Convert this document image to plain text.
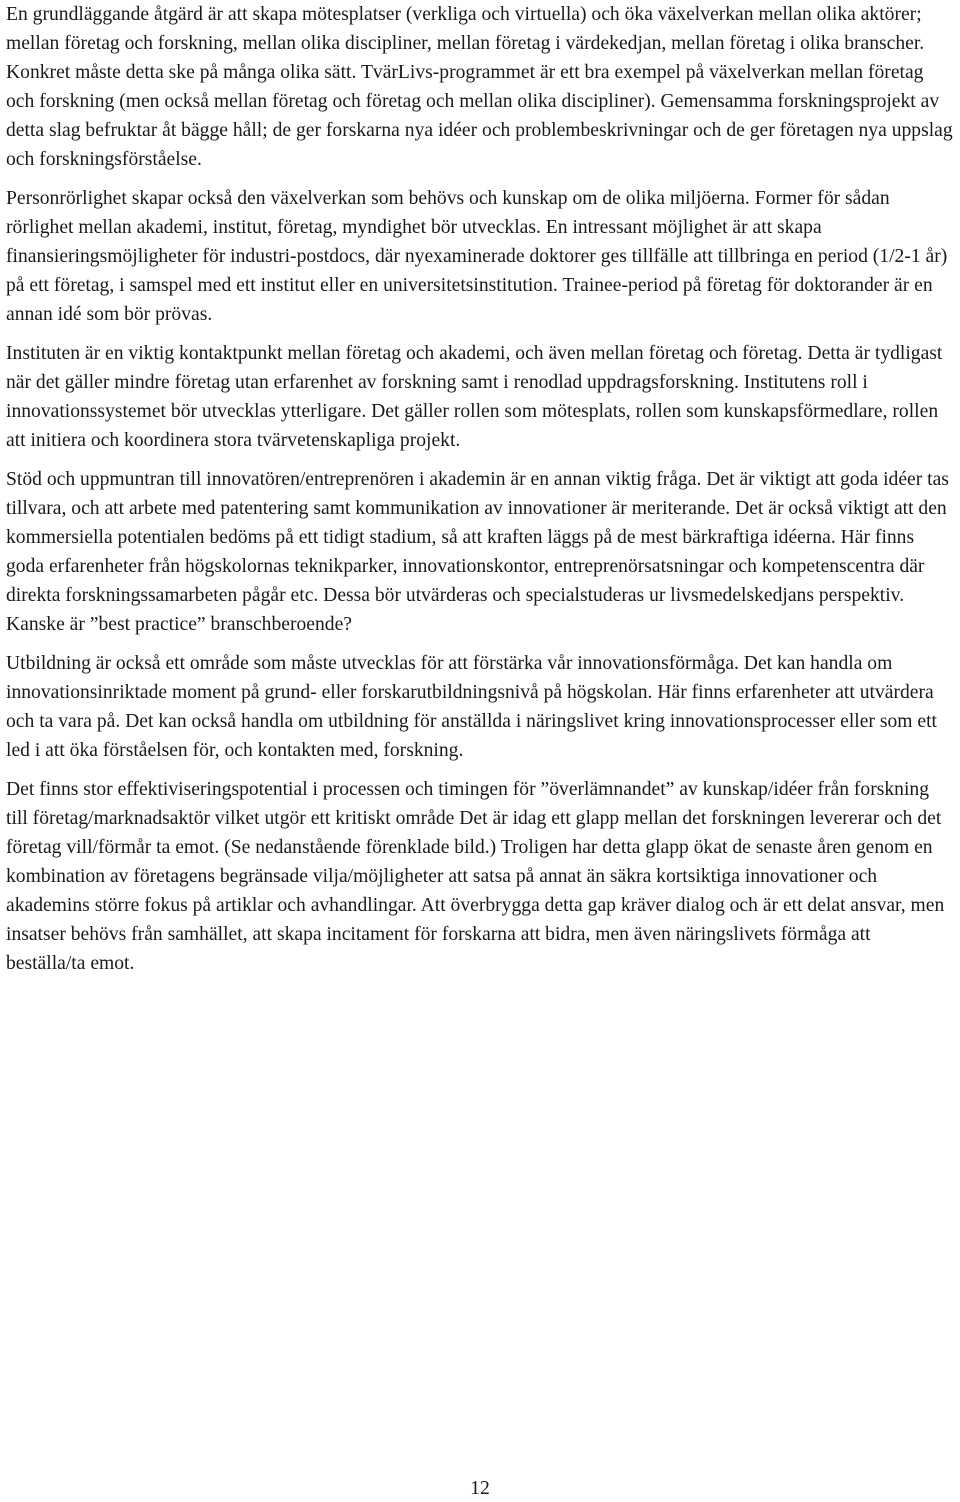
En grundläggande åtgärd är att skapa mötesplatser (verkliga och virtuella) och öka växelverkan mellan olika aktörer; mellan företag och forskning, mellan olika discipliner, mellan företag i värdekedjan, mellan företag i olika branscher. Konkret måste detta ske på många olika sätt. TvärLivs-programmet är ett bra exempel på växelverkan mellan företag och forskning (men också mellan företag och företag och mellan olika discipliner). Gemensamma forskningsprojekt av detta slag befruktar åt bägge håll; de ger forskarna nya idéer och problembeskrivningar och de ger företagen nya uppslag och forskningsförståelse.

Personrörlighet skapar också den växelverkan som behövs och kunskap om de olika miljöerna. Former för sådan rörlighet mellan akademi, institut, företag, myndighet bör utvecklas. En intressant möjlighet är att skapa finansieringsmöjligheter för industri-postdocs, där nyexaminerade doktorer ges tillfälle att tillbringa en period (1/2-1 år) på ett företag, i samspel med ett institut eller en universitetsinstitution. Trainee-period på företag för doktorander är en annan idé som bör prövas.

Instituten är en viktig kontaktpunkt mellan företag och akademi, och även mellan företag och företag. Detta är tydligast när det gäller mindre företag utan erfarenhet av forskning samt i renodlad uppdragsforskning. Institutens roll i innovationssystemet bör utvecklas ytterligare. Det gäller rollen som mötesplats, rollen som kunskapsförmedlare, rollen att initiera och koordinera stora tvärvetenskapliga projekt.

Stöd och uppmuntran till innovatören/entreprenören i akademin är en annan viktig fråga. Det är viktigt att goda idéer tas tillvara, och att arbete med patentering samt kommunikation av innovationer är meriterande. Det är också viktigt att den kommersiella potentialen bedöms på ett tidigt stadium, så att kraften läggs på de mest bärkraftiga idéerna. Här finns goda erfarenheter från högskolornas teknikparker, innovationskontor, entreprenörsatsningar och kompetenscentra där direkta forskningssamarbeten pågår etc. Dessa bör utvärderas och specialstuderas ur livsmedelskedjans perspektiv. Kanske är ”best practice” branschberoende?

Utbildning är också ett område som måste utvecklas för att förstärka vår innovationsförmåga. Det kan handla om innovationsinriktade moment på grund- eller forskarutbildningsnivå på högskolan. Här finns erfarenheter att utvärdera och ta vara på. Det kan också handla om utbildning för anställda i näringslivet kring innovationsprocesser eller som ett led i att öka förståelsen för, och kontakten med, forskning.

Det finns stor effektiviseringspotential i processen och timingen för ”överlämnandet” av kunskap/idéer från forskning till företag/marknadsaktör vilket utgör ett kritiskt område Det är idag ett glapp mellan det forskningen levererar och det företag vill/förmår ta emot. (Se nedanstående förenklade bild.) Troligen har detta glapp ökat de senaste åren genom en kombination av företagens begränsade vilja/möjligheter att satsa på annat än säkra kortsiktiga innovationer och akademins större fokus på artiklar och avhandlingar. Att överbrygga detta gap kräver dialog och är ett delat ansvar, men insatser behövs från samhället, att skapa incitament för forskarna att bidra, men även näringslivets förmåga att beställa/ta emot.

12
